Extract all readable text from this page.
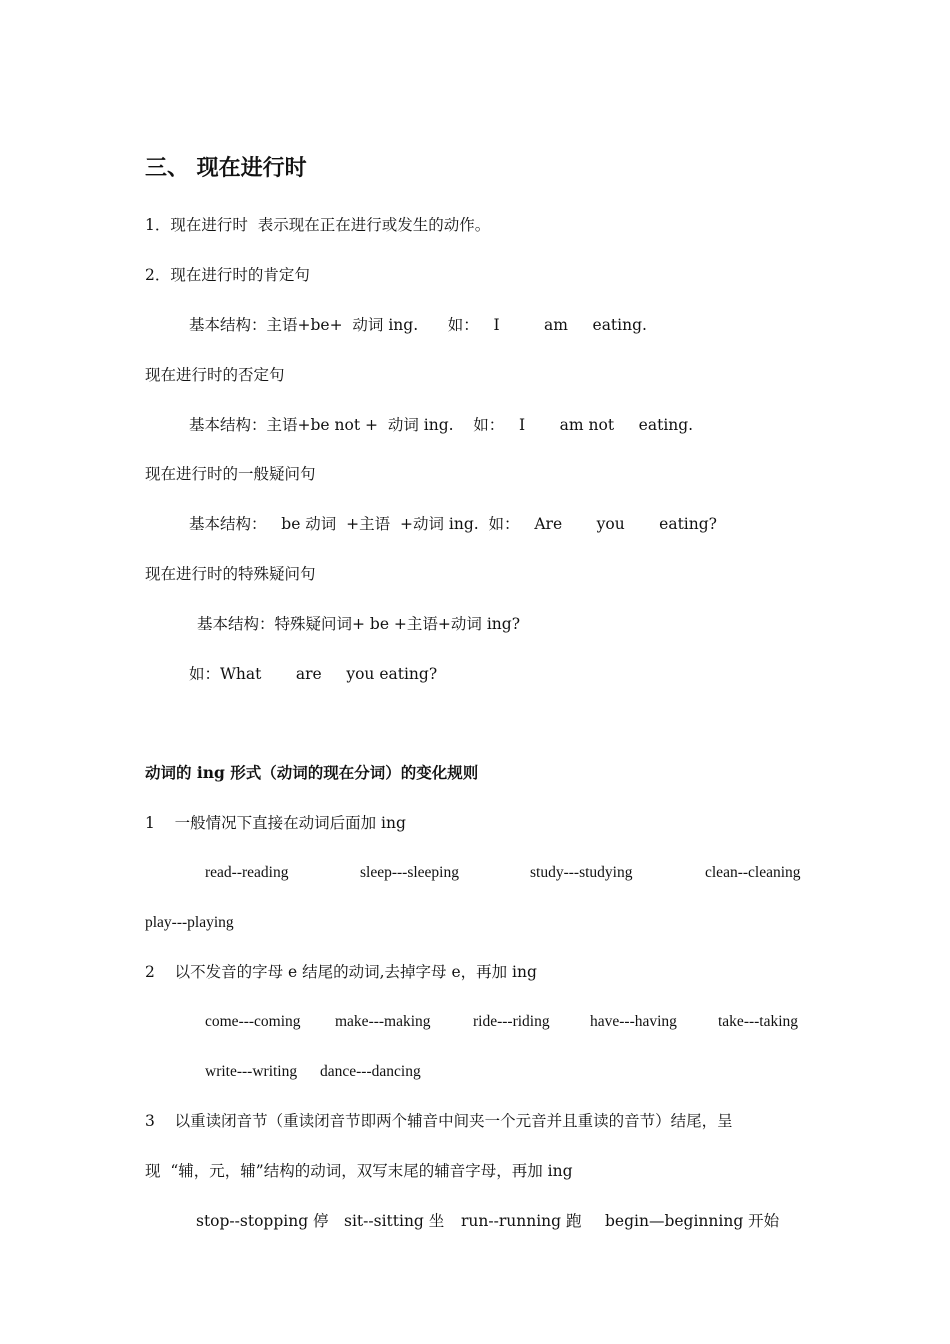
三、 现在进行时
1．现在进行时  表示现在正在进行或发生的动作。
2．现在进行时的肯定句
基本结构：主语+be+  动词 ing.      如：   I         am     eating.
现在进行时的否定句
基本结构：主语+be not +  动词 ing.    如：   I       am not     eating.
现在进行时的一般疑问句
基本结构：   be 动词  +主语  +动词 ing.  如：   Are       you       eating?
现在进行时的特殊疑问句
基本结构：特殊疑问词+ be +主语+动词 ing?
如：What       are     you eating?
动词的 ing 形式（动词的现在分词）的变化规则
1    一般情况下直接在动词后面加 ing
read--reading	sleep---sleeping	study---studying	clean--cleaning
play---playing
2    以不发音的字母 e 结尾的动词,去掉字母 e，再加 ing
come---coming make---making	ride---riding	have---having	take---taking
write---writing dance---dancing
3    以重读闭音节（重读闭音节即两个辅音中间夹一个元音并且重读的音节）结尾，呈
现  “辅，元，辅”结构的动词，双写末尾的辅音字母，再加 ing
stop--stopping 停 sit--sitting 坐 run--running 跑 begin—beginning 开始
